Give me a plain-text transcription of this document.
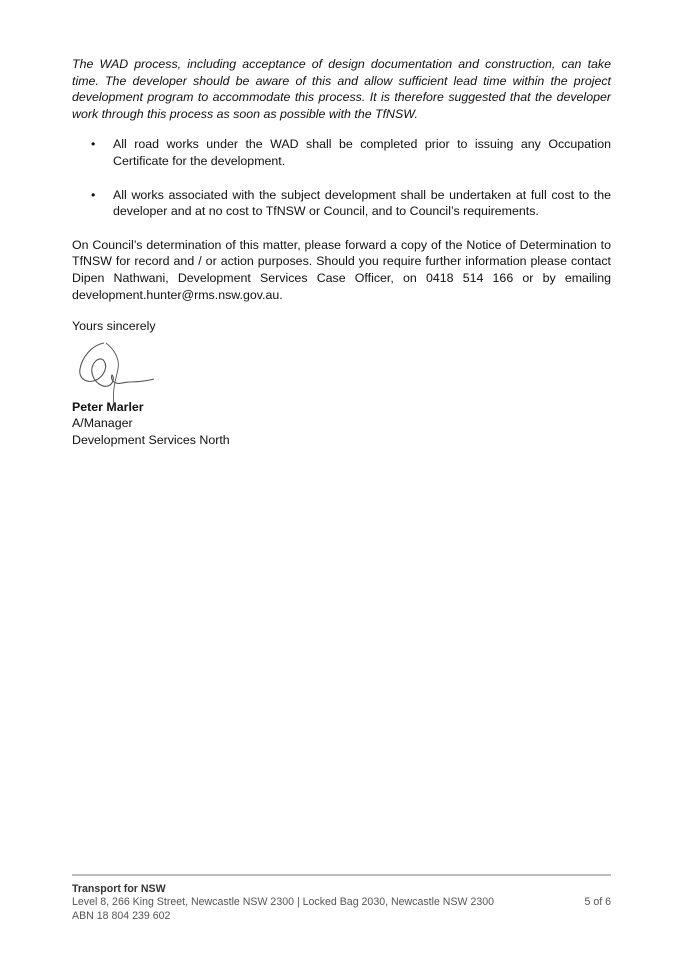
The WAD process, including acceptance of design documentation and construction, can take time. The developer should be aware of this and allow sufficient lead time within the project development program to accommodate this process. It is therefore suggested that the developer work through this process as soon as possible with the TfNSW.

• All road works under the WAD shall be completed prior to issuing any Occupation Certificate for the development.
• All works associated with the subject development shall be undertaken at full cost to the developer and at no cost to TfNSW or Council, and to Council’s requirements.

On Council’s determination of this matter, please forward a copy of the Notice of Determination to TfNSW for record and / or action purposes. Should you require further information please contact Dipen Nathwani, Development Services Case Officer, on 0418 514 166 or by emailing development.hunter@rms.nsw.gov.au.

Yours sincerely

Peter Marler
A/Manager
Development Services North
Transport for NSW
Level 8, 266 King Street, Newcastle NSW 2300 | Locked Bag 2030, Newcastle NSW 2300	5 of 6
ABN 18 804 239 602
